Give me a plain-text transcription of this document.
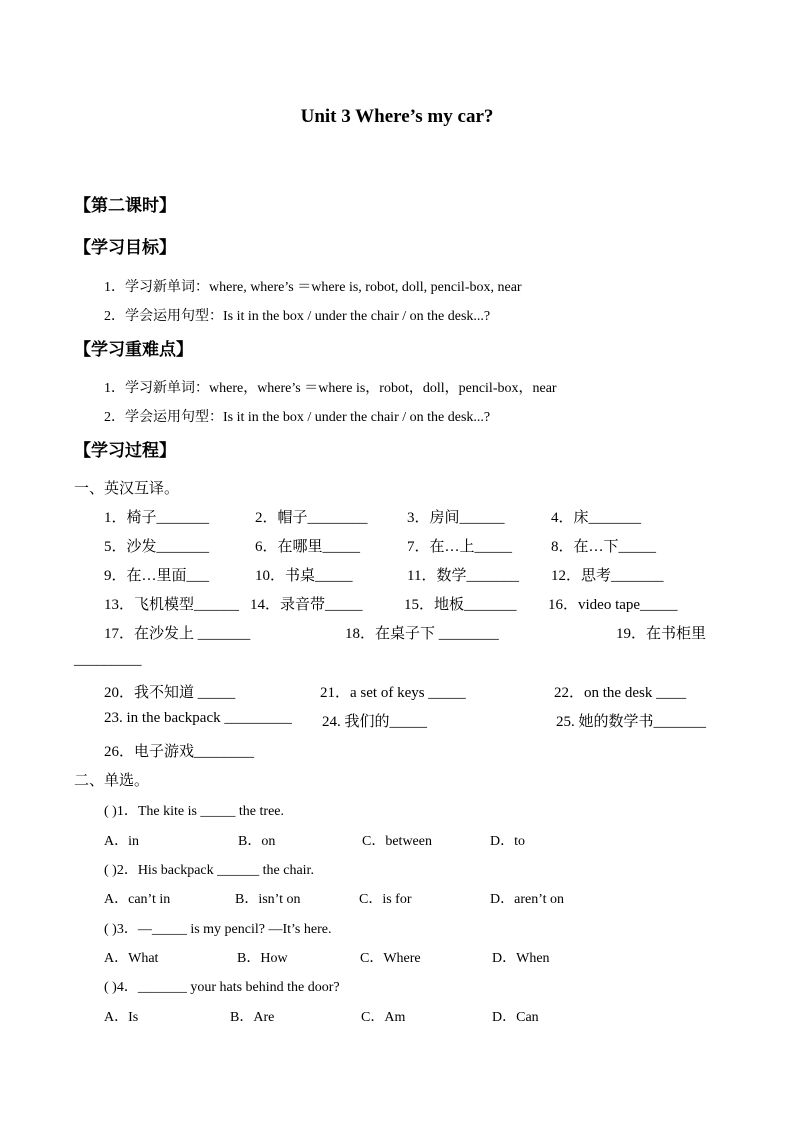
Unit 3 Where’s my car?
【第二课时】
【学习目标】
1．学习新单词：where, where’s ＝where is, robot, doll, pencil-box, near
2．学会运用句型：Is it in the box / under the chair / on the desk...?
【学习重难点】
1．学习新单词：where，where’s ＝where is，robot，doll，pencil-box，near
2．学会运用句型：Is it in the box / under the chair / on the desk...?
【学习过程】
一、英汉互译。
1．椅子_______	2．帽子________	3．房间______	4．床_______
5．沙发_______	6．在哪里_____	7．在…上_____	8．在…下_____
9．在…里面___	10．书桌_____	11．数学_______ 12．思考_______
13．飞机模型______ 14．录音带_____	15．地板_______ 16．video tape_____
17．在沙发上 _______	18．在桌子下 ________	19．在书柜里
_________
20．我不知道 _____	21．a set of keys _____	22．on the desk ____
23. in the backpack _________ 24. 我们的_____	25. 她的数学书_______
26．电子游戏________
二、单选。
( )1．The kite is _____ the tree.
A．in	B．on	C．between	D．to
( )2．His backpack ______ the chair.
A．can’t in	B．isn’t on	C．is for	D．aren’t on
( )3．—_____ is my pencil? —It’s here.
A．What	B．How	C．Where	D．When
( )4．_______ your hats behind the door?
A．Is	B．Are	C．Am	D．Can
